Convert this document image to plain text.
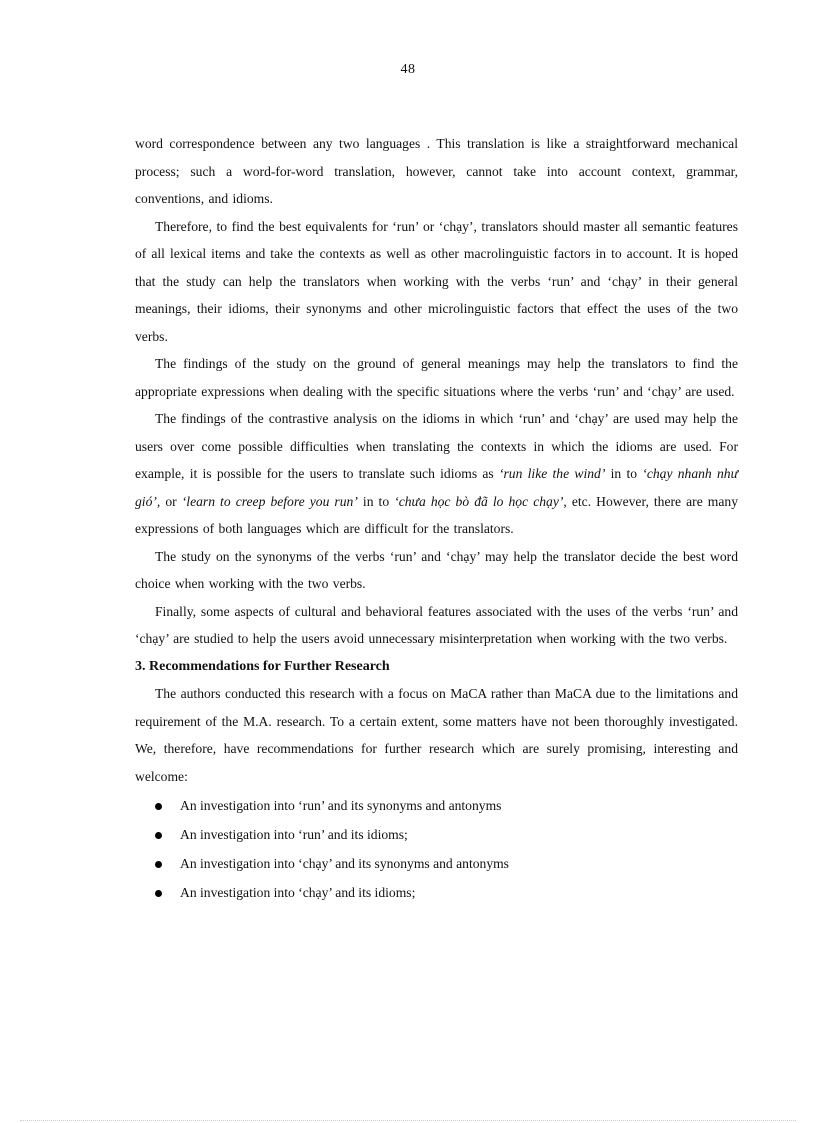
48

word correspondence between any two languages . This translation is like a straightforward mechanical process; such a word-for-word translation, however, cannot take into account context, grammar, conventions, and idioms.

Therefore, to find the best equivalents for ‘run’ or ‘chạy’, translators should master all semantic features of all lexical items and take the contexts as well as other macrolinguistic factors in to account. It is hoped that the study can help the translators when working with the verbs ‘run’ and ‘chạy’ in their general meanings, their idioms, their synonyms and other microlinguistic factors that effect the uses of the two verbs.

The findings of the study on the ground of general meanings may help the translators to find the appropriate expressions when dealing with the specific situations where the verbs ‘run’ and ‘chạy’ are used.

The findings of the contrastive analysis on the idioms in which ‘run’ and ‘chạy’ are used may help the users over come possible difficulties when translating the contexts in which the idioms are used. For example, it is possible for the users to translate such idioms as ‘run like the wind’ in to ‘chạy nhanh như gió’, or ‘learn to creep before you run’ in to ‘chưa học bò đã lo học chạy’, etc. However, there are many expressions of both languages which are difficult for the translators.

The study on the synonyms of the verbs ‘run’ and ‘chạy’ may help the translator decide the best word choice when working with the two verbs.

Finally, some aspects of cultural and behavioral features associated with the uses of the verbs ‘run’ and ‘chạy’ are studied to help the users avoid unnecessary misinterpretation when working with the two verbs.

3. Recommendations for Further Research

The authors conducted this research with a focus on MaCA rather than MaCA due to the limitations and requirement of the M.A. research. To a certain extent, some matters have not been thoroughly investigated. We, therefore, have recommendations for further research which are surely promising, interesting and welcome:

An investigation into ‘run’ and its synonyms and antonyms
An investigation into ‘run’ and its idioms;
An investigation into ‘chạy’ and its synonyms and antonyms
An investigation into ‘chạy’ and its idioms;
